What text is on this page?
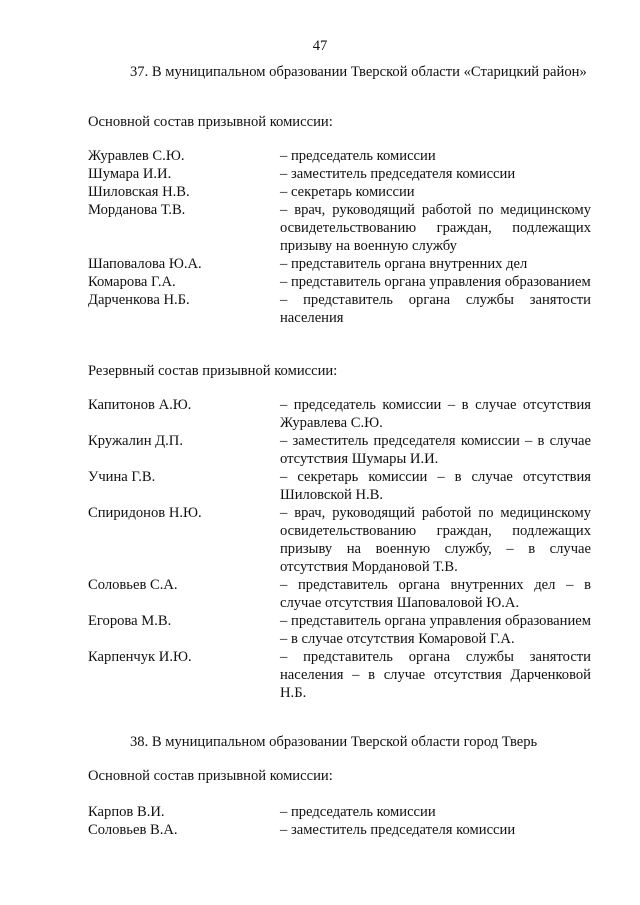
47
37. В муниципальном образовании Тверской области «Старицкий район»
Основной состав призывной комиссии:
Журавлев С.Ю.	– председатель комиссии
Шумара И.И.	– заместитель председателя комиссии
Шиловская Н.В.	– секретарь комиссии
Морданова Т.В.	– врач, руководящий работой по медицинскому освидетельствованию граждан, подлежащих призыву на военную службу
Шаповалова Ю.А.	– представитель органа внутренних дел
Комарова Г.А.	– представитель органа управления образованием
Дарченкова Н.Б.	– представитель органа службы занятости населения
Резервный состав призывной комиссии:
Капитонов А.Ю.	– председатель комиссии – в случае отсутствия Журавлева С.Ю.
Кружалин Д.П.	– заместитель председателя комиссии – в случае отсутствия Шумары И.И.
Учина Г.В.	– секретарь комиссии – в случае отсутствия Шиловской Н.В.
Спиридонов Н.Ю.	– врач, руководящий работой по медицинскому освидетельствованию граждан, подлежащих призыву на военную службу, – в случае отсутствия Мордановой Т.В.
Соловьев С.А.	– представитель органа внутренних дел – в случае отсутствия Шаповаловой Ю.А.
Егорова М.В.	– представитель органа управления образованием – в случае отсутствия Комаровой Г.А.
Карпенчук И.Ю.	– представитель органа службы занятости населения – в случае отсутствия Дарченковой Н.Б.
38. В муниципальном образовании Тверской области город Тверь
Основной состав призывной комиссии:
Карпов В.И.	– председатель комиссии
Соловьев В.А.	– заместитель председателя комиссии
